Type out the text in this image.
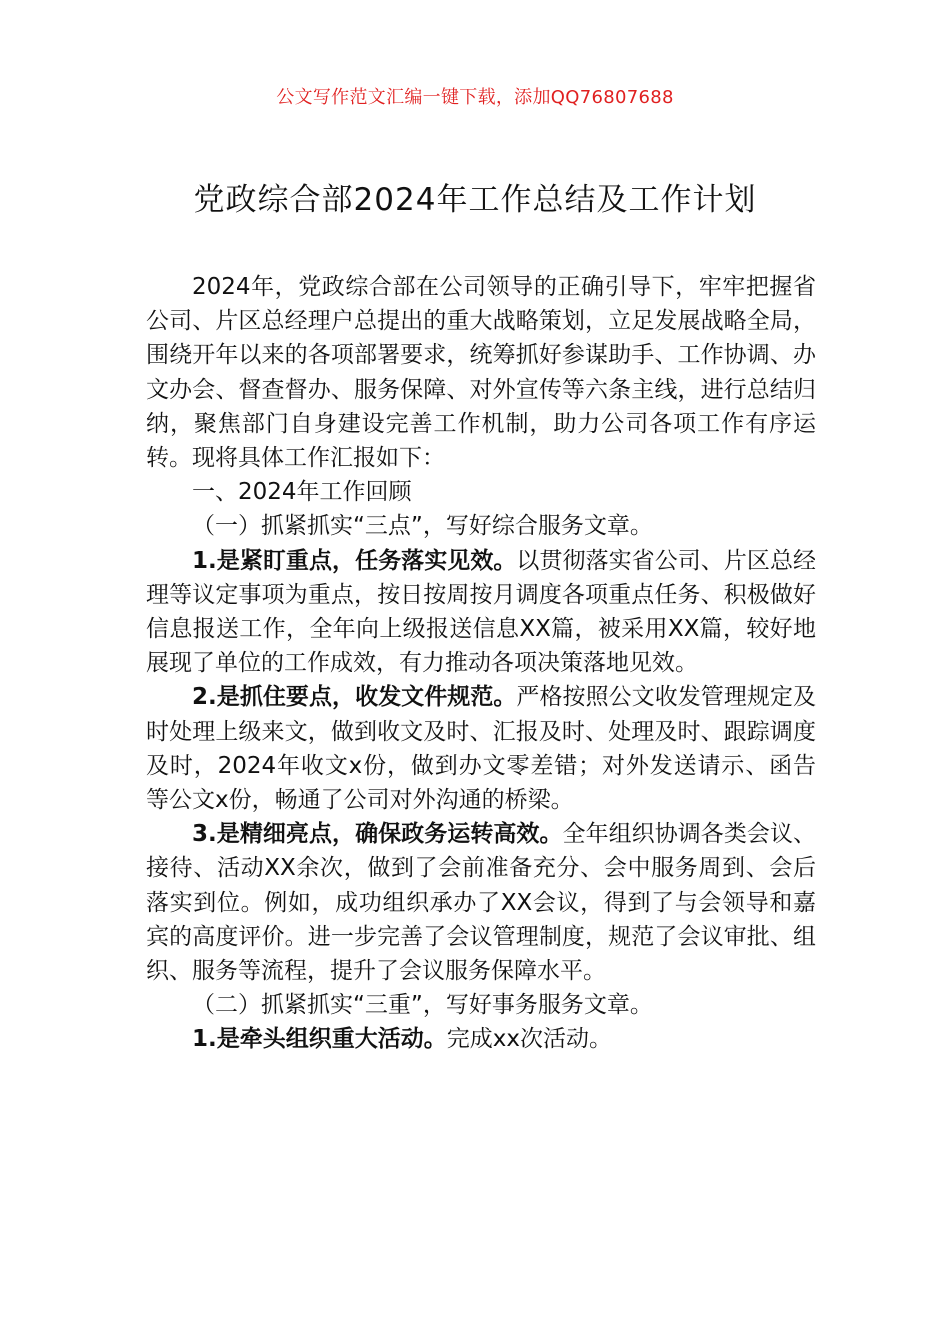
公文写作范文汇编一键下载，添加QQ76807688
党政综合部2024年工作总结及工作计划

2024年，党政综合部在公司领导的正确引导下，牢牢把握省公司、片区总经理户总提出的重大战略策划，立足发展战略全局，围绕开年以来的各项部署要求，统筹抓好参谋助手、工作协调、办文办会、督查督办、服务保障、对外宣传等六条主线，进行总结归纳，聚焦部门自身建设完善工作机制，助力公司各项工作有序运转。现将具体工作汇报如下：

一、2024年工作回顾

（一）抓紧抓实“三点”，写好综合服务文章。

1.是紧盯重点，任务落实见效。以贯彻落实省公司、片区总经理等议定事项为重点，按日按周按月调度各项重点任务、积极做好信息报送工作，全年向上级报送信息XX篇，被采用XX篇，较好地展现了单位的工作成效，有力推动各项决策落地见效。

2.是抓住要点，收发文件规范。严格按照公文收发管理规定及时处理上级来文，做到收文及时、汇报及时、处理及时、跟踪调度及时，2024年收文x份，做到办文零差错；对外发送请示、函告等公文x份，畅通了公司对外沟通的桥梁。

3.是精细亮点，确保政务运转高效。全年组织协调各类会议、接待、活动XX余次，做到了会前准备充分、会中服务周到、会后落实到位。例如，成功组织承办了XX会议，得到了与会领导和嘉宾的高度评价。进一步完善了会议管理制度，规范了会议审批、组织、服务等流程，提升了会议服务保障水平。

（二）抓紧抓实“三重”，写好事务服务文章。

1.是牵头组织重大活动。完成xx次活动。
